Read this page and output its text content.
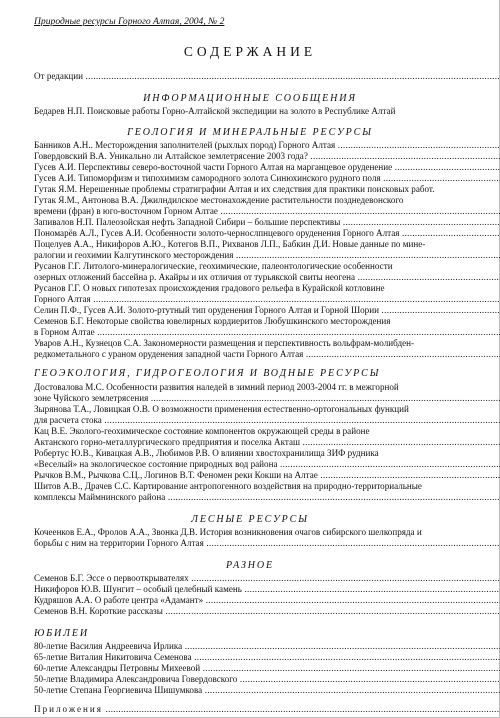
Природные ресурсы Горного Алтая, 2004, № 2
СОДЕРЖАНИЕ
От редакции .....
ИНФОРМАЦИОННЫЕ СООБЩЕНИЯ
Бедарев Н.П. Поисковые работы Горно-Алтайской экспедиции на золото в Республике Алтай
ГЕОЛОГИЯ И МИНЕРАЛЬНЫЕ РЕСУРСЫ
Банников А.Н.. Месторождения заполнителей (рыхлых пород) Горного Алтая .....
Говердовский В.А. Уникально ли Алтайское землетрясение 2003 года? .....
Гусев А.И. Перспективы северо-восточной части Горного Алтая на марганцевое оруденение .....
Гусев А.И. Типоморфизм и типохимизм самородного золота Синюхинского рудного поля .....
Гутак Я.М. Нерешенные проблемы стратиграфии Алтая и их следствия для практики поисковых работ.
Гутак Я.М., Антонова В.А. Джилндилское местонахождение растительности позднедевонского
времени (фран) в юго-восточном Горном Алтае .....
Запивалов Н.П. Палеозойская нефть Западной Сибири – большие перспективы .....
Пономарёв А.Л., Гусев А.И. Особенности золото-чернослпнцевого оруденения Горного Алтая .....
Поцелуев А.А., Никифоров А.Ю., Котегов В.П., Рихванов Л.П., Бабкин Д.И. Новые данные по мине-
ралогии и геохимии Калгутинского месторождения .....
Русанов Г.Г. Литолого-минералогические, геохимические, палеонтологические особенности
озерных отложений бассейна р. Акайры и их отличия от турьякской свиты неогена .....
Русанов Г.Г. О новых гипотезах происхождения градового рельефа в Курайской котловине
Горного Алтая .....
Селин П.Ф., Гусев А.И. Золото-ртутный тип оруденения Горного Алтая и Горной Шории .....
Семенов Б.Г. Некоторые свойства ювелирных кордиеритов Любушкинского месторождения
в Горном Алтае .....
Уваров А.Н., Кузнецов С.А. Закономерности размещения и перспективность вольфрам-молибден-
редкометального с ураном оруденения западной части Горного Алтая .....
ГЕОЭКОЛОГИЯ, ГИДРОГЕОЛОГИЯ И ВОДНЫЕ РЕСУРСЫ
Достовалова М.С. Особенности развития наледей в зимний период 2003-2004 гг. в межгорной
зоне Чуйского землетрясения .....
Зырянова Т.А., Ловицкая О.В. О возможности применения естественно-ортогональных функций
для расчета стока .....
Кац В.Е. Эколого-геохимическое состояние компонентов окружающей среды в районе
Актанского горно-металлургического предприятия и поселка Акташ .....
Робертус Ю.В., Кивацкая А.В., Любимов Р.В. О влиянии хвостохранилища ЗИФ рудника
«Веселый» на экологическое состояние природных вод района .....
Рычков В.М., Рычкова С.Ц., Логинов В.Т. Феномен реки Кокши на Алтае .....
Шитов А.В., Драчев С.С. Картирование антропогенного воздействия на природно-территориальные
комплексы Маймнинского района .....
ЛЕСНЫЕ РЕСУРСЫ
Кочеенков Е.А., Фролов А.А., Звонка Д.В. История возникновения очагов сибирского шелкопряда и
борьбы с ним на территории Горного Алтая .....
РАЗНОЕ
Семенов Б.Г. Эссе о первоoткрывателях .....
Никифоров Ю.В. Шунгит – особый целебный камень .....
Кудряшов А.А. О работе центра «Адамант» .....
Семенов В.Н. Короткие рассказы .....
ЮБИЛЕИ
80-летие Василия Андреевича Ирлика .....
65-летие Виталия Никитовича Семенова .....
60-летие Александры Петровны Михеевой .....
50-летие Владимира Александровича Говердовского .....
50-летие Степана Георгиевича Шишумкова .....
Приложения .....
